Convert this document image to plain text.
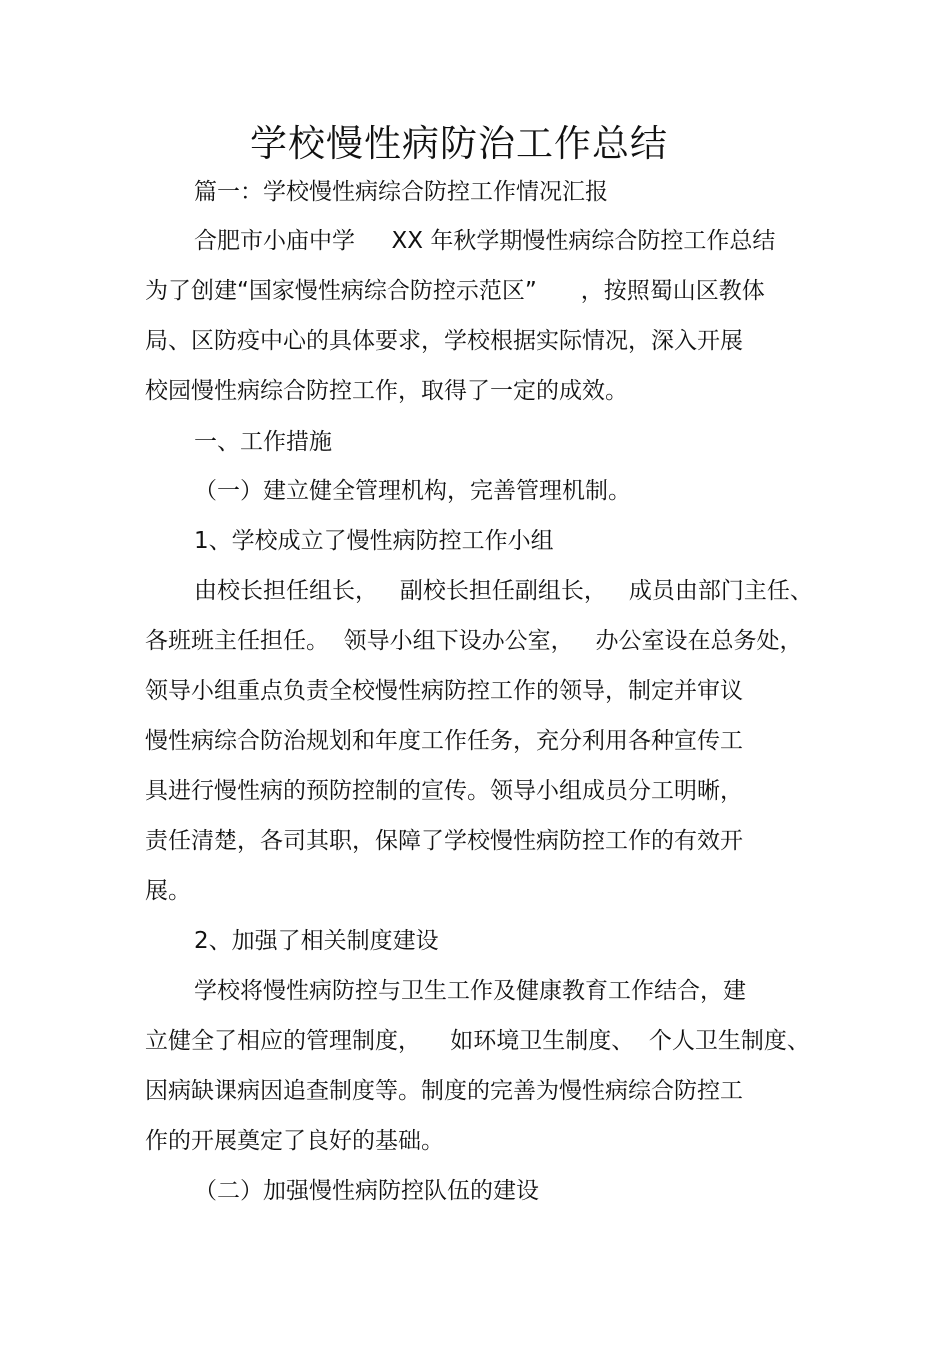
学校慢性病防治工作总结
篇一：学校慢性病综合防控工作情况汇报
合肥市小庙中学     XX 年秋学期慢性病综合防控工作总结
为了创建“国家慢性病综合防控示范区”      ，按照蜀山区教体
局、区防疫中心的具体要求，学校根据实际情况，深入开展
校园慢性病综合防控工作，取得了一定的成效。
一、工作措施
（一）建立健全管理机构，完善管理机制。
1、学校成立了慢性病防控工作小组
由校长担任组长，   副校长担任副组长，   成员由部门主任、
各班班主任担任。  领导小组下设办公室，   办公室设在总务处，
领导小组重点负责全校慢性病防控工作的领导，制定并审议
慢性病综合防治规划和年度工作任务，充分利用各种宣传工
具进行慢性病的预防控制的宣传。领导小组成员分工明晰，
责任清楚，各司其职，保障了学校慢性病防控工作的有效开
展。
2、加强了相关制度建设
学校将慢性病防控与卫生工作及健康教育工作结合，建
立健全了相应的管理制度，    如环境卫生制度、  个人卫生制度、
因病缺课病因追查制度等。制度的完善为慢性病综合防控工
作的开展奠定了良好的基础。
（二）加强慢性病防控队伍的建设
